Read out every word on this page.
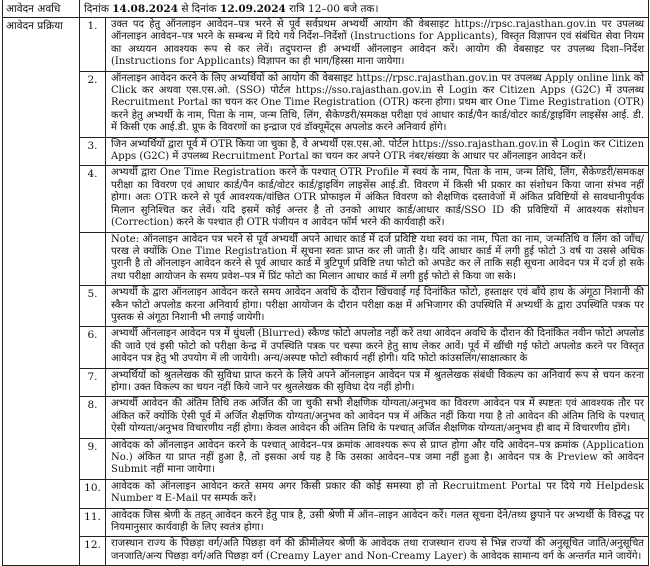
आवेदन अवधि	दिनांक 14.08.2024 से दिनांक 12.09.2024 रात्रि 12–00 बजे तक।	
आवेदन प्रक्रिया	1.	उक्त पद हेतु ऑनलाइन आवेदन–पत्र भरने से पूर्व सर्वप्रथम अभ्यर्थी आयोग की वेबसाइट https://rpsc.rajasthan.gov.in पर उपलब्ध ऑनलाइन आवेदन–पत्र भरने के सम्बन्ध में दिये गये निर्देश–निर्देशों (Instructions for Applicants), विस्तृत विज्ञापन एवं संबंधित सेवा नियम का अध्ययन आवश्यक रूप से कर लेवें। तदुपरान्त ही अभ्यर्थी ऑनलाइन आवेदन करें। आयोग की वेबसाइट पर उपलब्ध दिशा–निर्देश (Instructions for Applicants) विज्ञापन का ही भाग/हिस्सा माना जायेगा।
	2.	ऑनलाइन आवेदन करने के लिए अभ्यर्थियों को आयोग की वेबसाइट https://rpsc.rajasthan.gov.in पर उपलब्ध Apply online link को Click कर अथवा एस.एस.ओ. (SSO) पोर्टल https://sso.rajasthan.gov.in से Login कर Citizen Apps (G2C) में उपलब्ध Recruitment Portal का चयन कर One Time Registration (OTR) करना होगा। प्रथम बार One Time Registration (OTR) करने हेतु अभ्यर्थी के नाम, पिता के नाम, जन्म तिथि, लिंग, सैकेण्डरी/समकक्ष परीक्षा एवं आधार कार्ड/पैन कार्ड/वोटर कार्ड/ड्राइविंग लाइसेंस आई. डी. में किसी एक आई.डी. प्रूफ के विवरणों का इन्द्राज एवं डॉक्यूमेंट्स अपलोड करने अनिवार्य होंगे।
	3.	जिन अभ्यर्थियों द्वारा पूर्व में OTR किया जा चुका है, वे अभ्यर्थी एस.एस.ओ. पोर्टल https://sso.rajasthan.gov.in से Login कर Citizen Apps (G2C) में उपलब्ध Recruitment Portal का चयन कर अपने OTR नंबर/संख्या के आधार पर ऑनलाइन आवेदन करें।
	4.	अभ्यर्थी द्वारा One Time Registration करने के पश्चात् OTR Profile में स्वयं के नाम, पिता के नाम, जन्म तिथि, लिंग, सैकेण्डरी/समकक्ष परीक्षा का विवरण एवं आधार कार्ड/पैन कार्ड/वोटर कार्ड/ड्राइविंग लाइसेंस आई.डी. विवरण में किसी भी प्रकार का संशोधन किया जाना संभव नहीं होगा। अतः OTR करने से पूर्व आवश्यक/वांछित OTR प्रोफाइल में अंकित विवरण को शैक्षणिक दस्तावेजों में अंकित प्रविष्टियों से सावधानीपूर्वक मिलान सुनिश्चित कर लेवें। यदि इसमें कोई अन्तर है तो उनको आधार कार्ड/आधार कार्ड/SSO ID की प्रविष्टियों में आवश्यक संशोधन (Correction) करने के पश्चात ही OTR पंजीयन व आवेदन फॉर्म भरने की कार्यवाही करें।
		Note: ऑनलाइन आवेदन पत्र भरने से पूर्व अभ्यर्थी अपने आधार कार्ड में दर्ज प्रविष्टि यथा स्वयं का नाम, पिता का नाम, जन्मतिथि व लिंग को जाँच/परख ले क्योंकि One Time Registration में सूचना स्वतः प्राप्त कर ली जाती है। यदि आधार कार्ड में लगी हुई फोटो 3 वर्ष या उससे अधिक पुरानी है तो ऑनलाइन आवेदन करने से पूर्व आधार कार्ड में त्रुटिपूर्ण प्रविष्टि तथा फोटो को अपडेट कर लें ताकि सही सूचना आवेदन पत्र में दर्ज हो सके तथा परीक्षा आयोजन के समय प्रवेश–पत्र में प्रिंट फोटो का मिलान आधार कार्ड में लगी हुई फोटो से किया जा सके।
	5.	अभ्यर्थी के द्वारा ऑनलाइन आवेदन करते समय आवेदन अवधि के दौरान खिंचवाई गई दिनांकित फोटो, हस्ताक्षर एवं बाँये हाथ के अंगूठा निशानी की स्कैन फोटो अपलोड करना अनिवार्य होगा। परीक्षा आयोजन के दौरान परीक्षा कक्ष में अभिजागर की उपस्थिति में अभ्यर्थी के द्वारा उपस्थिति पत्रक पर पुस्तक से अंगूठा निशानी भी लगाई जायेगी।
	6.	अभ्यर्थी ऑनलाइन आवेदन पत्र में धुंधली (Blurred) स्कैण्ड फोटो अपलोड नहीं करें तथा आवेदन अवधि के दौरान की दिनांकित नवीन फोटो अपलोड की जावे एवं इसी फोटो को परीक्षा केन्द्र में उपस्थिति पत्रक पर चस्पा करने हेतु साथ लेकर आवें। पूर्व में खींची गई फोटो अपलोड करने पर विस्तृत आवेदन पत्र हेतु भी उपयोग में ली जायेगी। अन्य/अस्पष्ट फोटो स्वीकार्य नहीं होगी। यदि फोटो कांउसलिंग/साक्षात्कार के
	7.	अभ्यर्थियों को श्रुतलेखक की सुविधा प्राप्त करने के लिये अपने ऑनलाइन आवेदन पत्र में श्रुतलेखक संबंधी विकल्प का अनिवार्य रूप से चयन करना होगा। उक्त विकल्प का चयन नहीं किये जाने पर श्रुतलेखक की सुविधा देय नहीं होगी।
	8.	अभ्यर्थी आवेदन की अंतिम तिथि तक अर्जित की जा चुकी सभी शैक्षणिक योग्यता/अनुभव का विवरण आवेदन पत्र में स्पष्टतः एवं आवश्यक तौर पर अंकित करें क्योंकि ऐसी पूर्व में अर्जित शैक्षणिक योग्यता/अनुभव को आवेदन पत्र में अंकित नहीं किया गया है तो आवेदन की अंतिम तिथि के पश्चात् ऐसी योग्यता/अनुभव विचारणीय नहीं होगा। केवल आवेदन की अंतिम तिथि के पश्चात् अर्जित शैक्षणिक योग्यता/अनुभव ही बाद में विचारणीय होंगे।
	9.	आवेदक को ऑनलाइन आवेदन करने के पश्चात् आवेदन–पत्र क्रमांक आवश्यक रूप से प्राप्त होगा और यदि आवेदन–पत्र क्रमांक (Application No.) अंकित या प्राप्त नहीं हुआ है, तो इसका अर्थ यह है कि उसका आवेदन–पत्र जमा नहीं हुआ है। आवेदन पत्र के Preview को आवेदन Submit नहीं माना जायेगा।
	10.	आवेदक को ऑनलाइन आवेदन करते समय अगर किसी प्रकार की कोई समस्या हो तो Recruitment Portal पर दिये गये Helpdesk Number व E-Mail पर सम्पर्क करें।
	11.	आवेदक जिस श्रेणी के तहत् आवेदन करने हेतु पात्र है, उसी श्रेणी में ऑन–लाइन आवेदन करें। गलत सूचना देने/तथ्य छुपाने पर अभ्यर्थी के विरुद्ध पर नियमानुसार कार्यवाही के लिए स्वतंत्र होगा।
	12.	राजस्थान राज्य के पिछड़ा वर्ग/अति पिछड़ा वर्ग की क्रीमीलेयर श्रेणी के आवेदक तथा राजस्थान राज्य से भिन्न राज्यों की अनुसूचित जाति/अनुसूचित जनजाति/अन्य पिछड़ा वर्ग/अति पिछड़ा वर्ग (Creamy Layer and Non-Creamy Layer) के आवेदक सामान्य वर्ग के अन्तर्गत माने जायेंगे।
